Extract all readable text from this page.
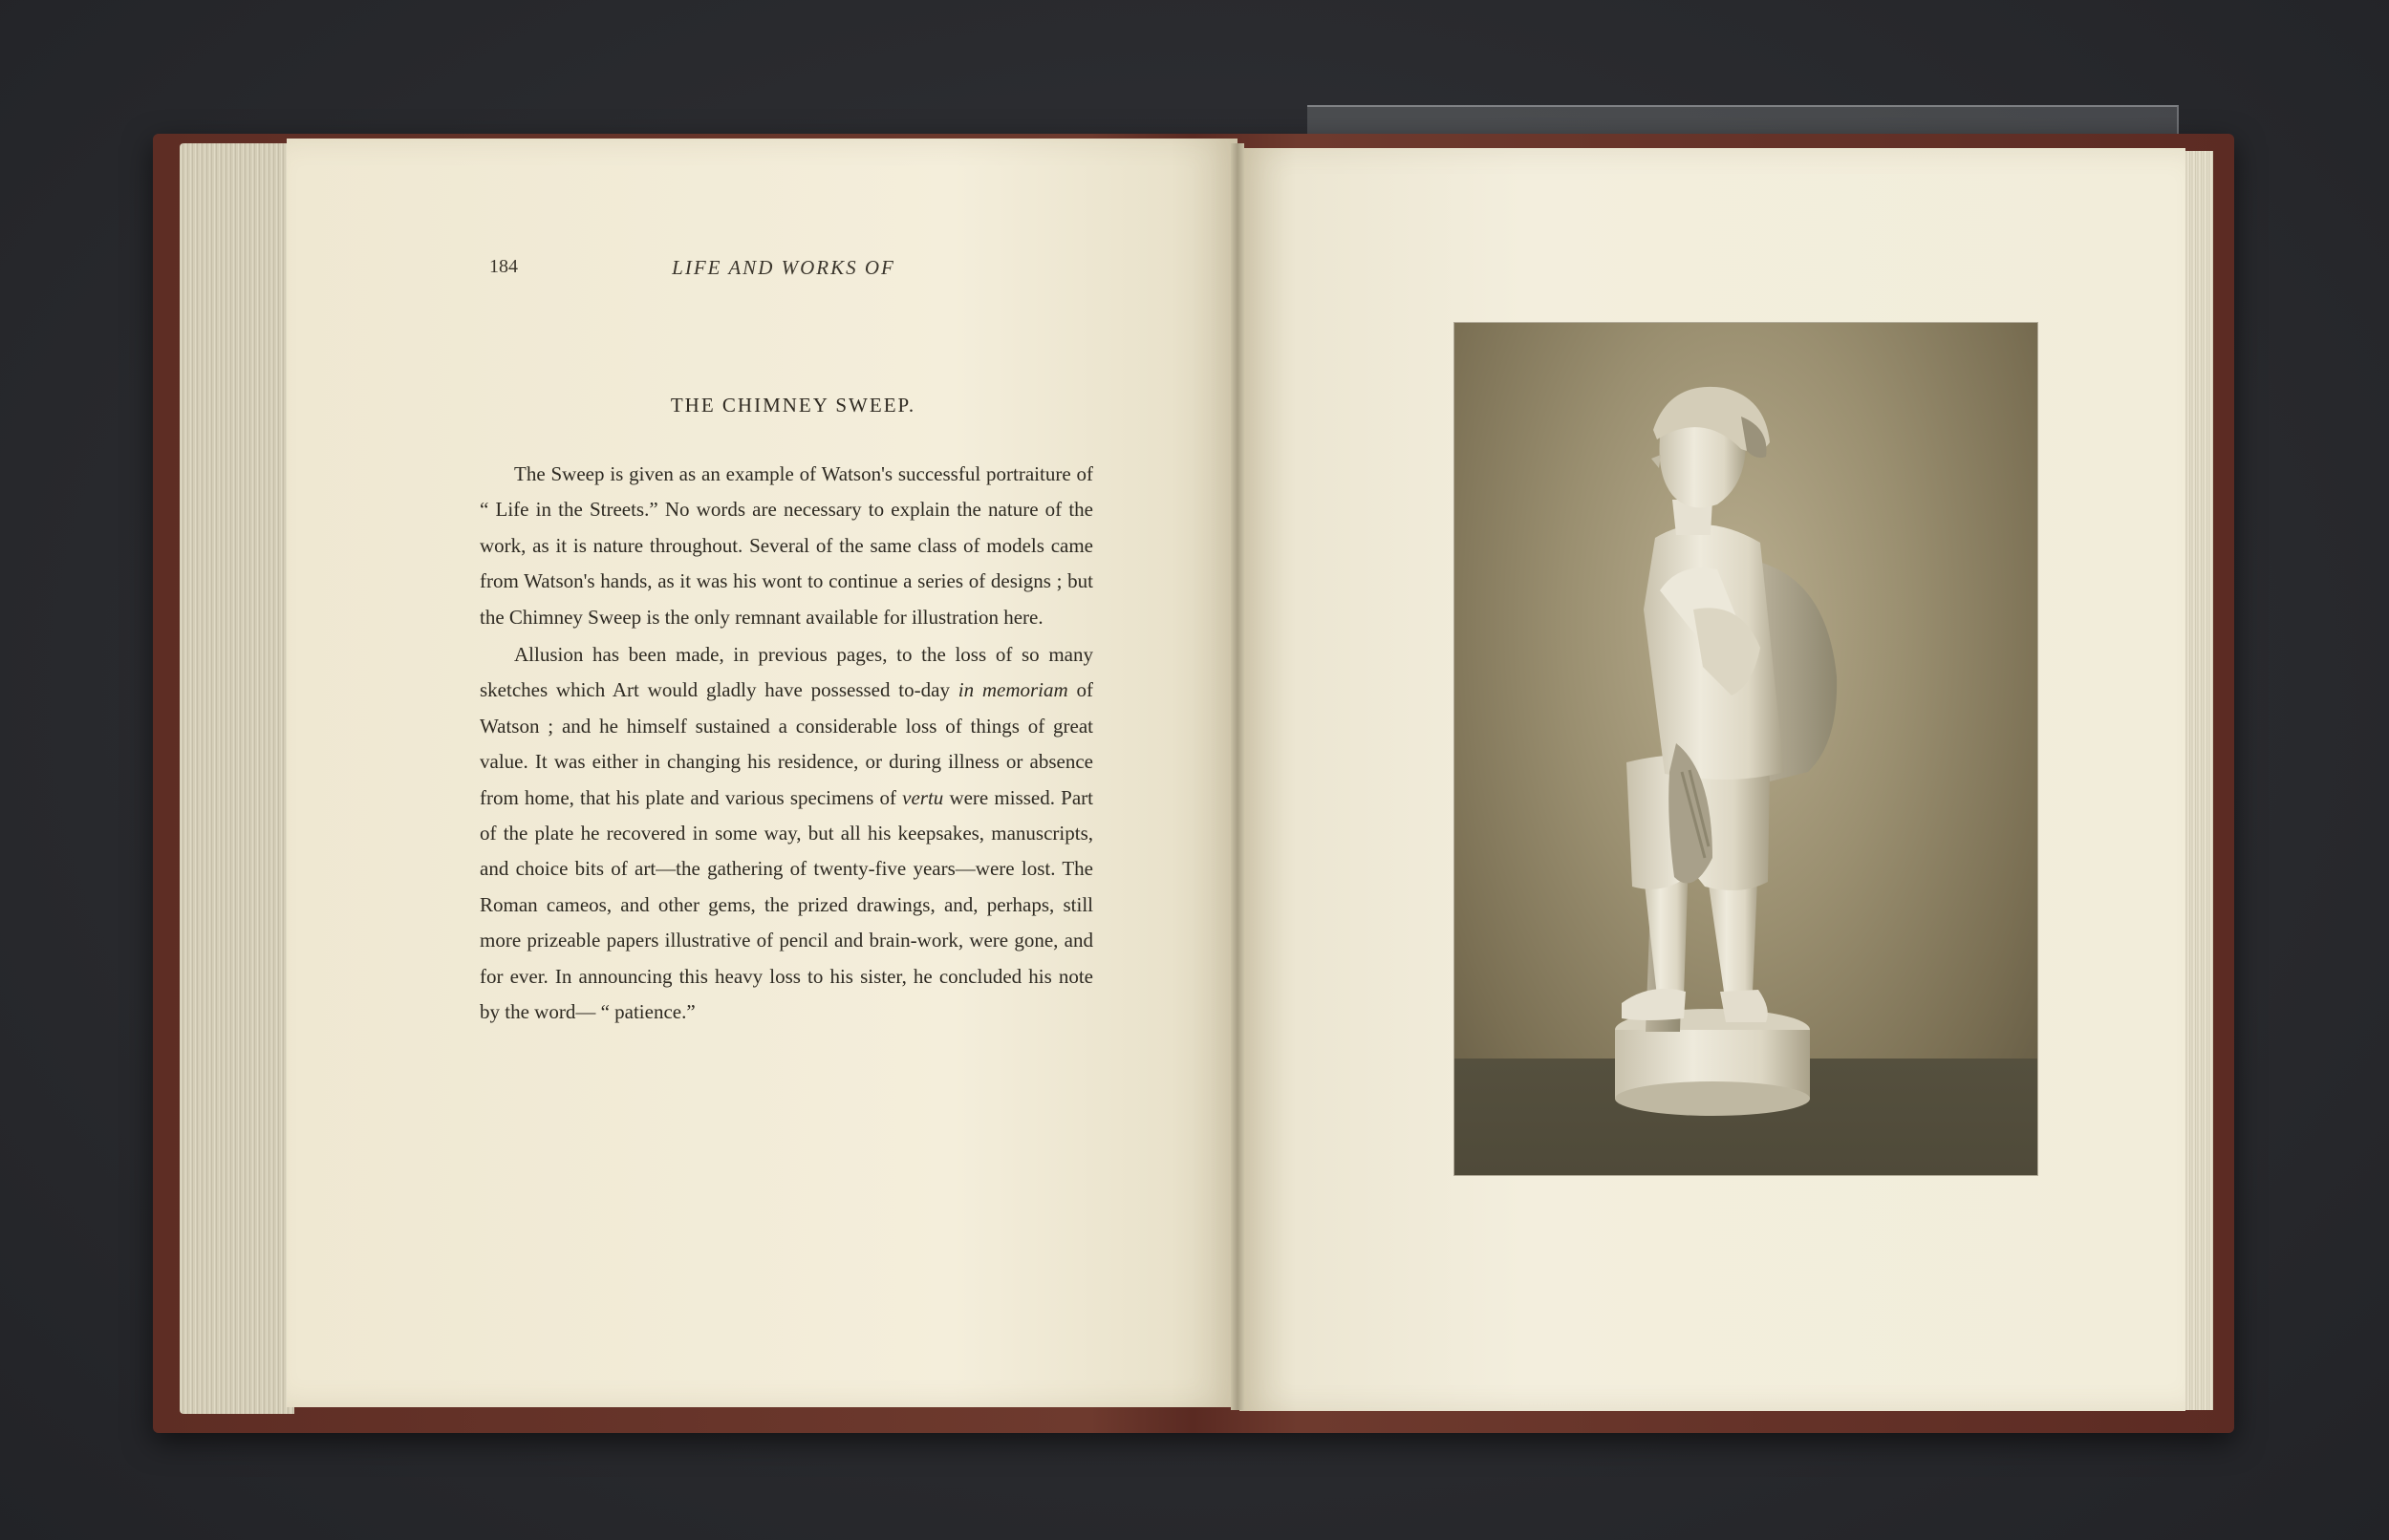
184	LIFE AND WORKS OF
THE CHIMNEY SWEEP.

The Sweep is given as an example of Watson's successful portraiture of “ Life in the Streets.” No words are necessary to explain the nature of the work, as it is nature throughout. Several of the same class of models came from Watson's hands, as it was his wont to continue a series of designs ; but the Chimney Sweep is the only remnant available for illustration here.

Allusion has been made, in previous pages, to the loss of so many sketches which Art would gladly have possessed to-day in memoriam of Watson ; and he himself sustained a considerable loss of things of great value. It was either in changing his residence, or during illness or absence from home, that his plate and various specimens of vertu were missed. Part of the plate he recovered in some way, but all his keepsakes, manuscripts, and choice bits of art—the gathering of twenty-five years—were lost. The Roman cameos, and other gems, the prized drawings, and, perhaps, still more prizeable papers illustrative of pencil and brain-work, were gone, and for ever. In announcing this heavy loss to his sister, he concluded his note by the word— “ patience.”
